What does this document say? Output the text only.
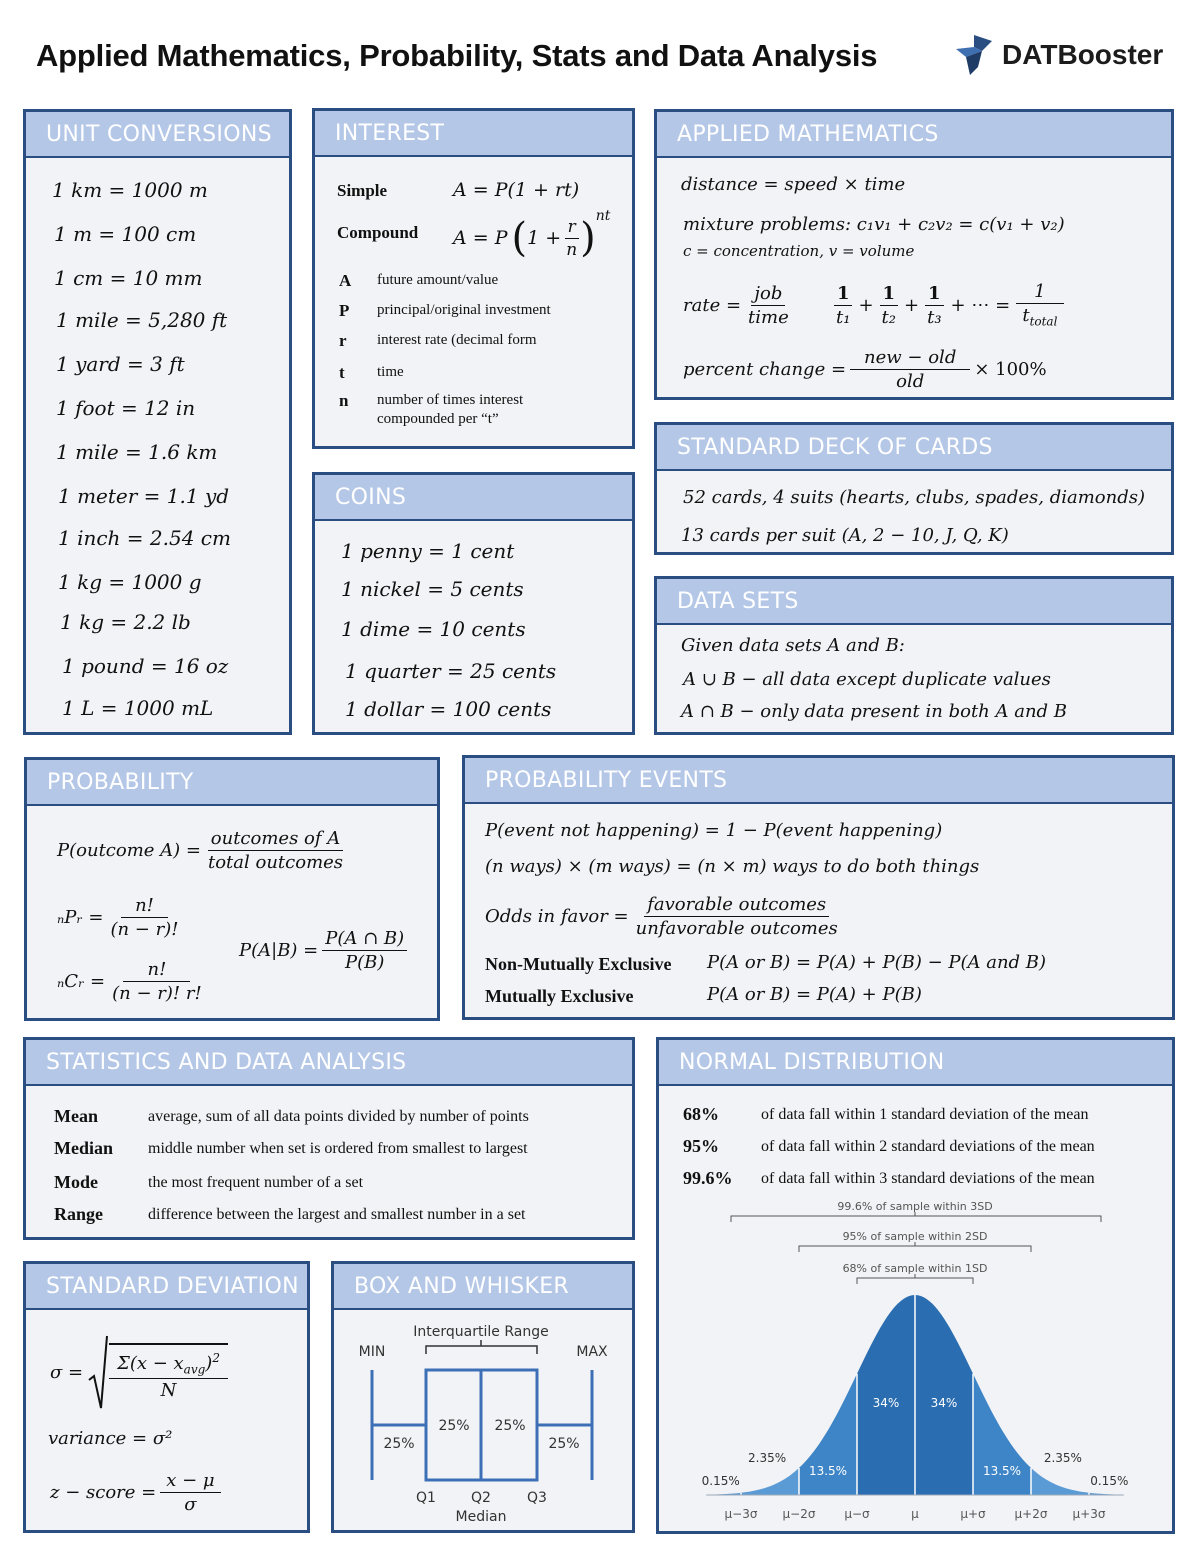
Applied Mathematics, Probability, Stats and Data Analysis	DATBooster
UNIT CONVERSIONS
1 km = 1000 m
1 m = 100 cm
1 cm = 10 mm
1 mile = 5,280 ft
1 yard = 3 ft
1 foot = 12 in
1 mile = 1.6 km
1 meter = 1.1 yd
1 inch = 2.54 cm
1 kg = 1000 g
1 kg = 2.2 lb
1 pound = 16 oz
1 L = 1000 mL
INTEREST
Simple	A = P(1 + rt)
Compound A = P ( $1 + \frac{r}{n}$ ) nt
A future amount/value
P principal/original investment
r interest rate (decimal form
t time
n number of times interest
compounded per “t”
COINS
1 penny = 1 cent
1 nickel = 5 cents
1 dime = 10 cents
1 quarter = 25 cents
1 dollar = 100 cents
APPLIED MATHEMATICS
distance = speed × time
mixture problems: c₁v₁ + c₂v₂ = c(v₁ + v₂)
c = concentration, v = volume
rate = $\frac{\text{job}}{\text{time}} \frac{1}{\text{t₁}} + \frac{1}{\text{t₂}} + \frac{1}{\text{t₃}}$ + ⋯ = $\frac{1}{t_{total}}$
percent change = $\frac{\text{new − old}}{\text{old}} \times 100\%$
STANDARD DECK OF CARDS
52 cards, 4 suits (hearts, clubs, spades, diamonds)
13 cards per suit (A, 2 − 10, J, Q, K)
DATA SETS
Given data sets A and B:
A ∪ B − all data except duplicate values
A ∩ B − only data present in both A and B
PROBABILITY
P(outcome $A) = \frac{\text{outcomes of A}}{\text{total outcomes}}$
ₙPᵣ = $\frac{n!}{(n - r)!}$
ₙCᵣ = $\frac{n!}{(n - r)! r!}$
$P(A|B) = \frac{P(A \cap B)}{P(B)}$
PROBABILITY EVENTS
P(event not happening) = 1 − P(event happening)
(n ways) × (m ways) = (n × m) ways to do both things
Odds in favor = $\frac{\text{favorable outcomes}}{\text{unfavorable outcomes}}$
Non-Mutually Exclusive P(A or B) = P(A) + P(B) − P(A and B)
Mutually Exclusive	P(A or B) = P(A) + P(B)
STATISTICS AND DATA ANALYSIS
Mean	average, sum of all data points divided by number of points
Median middle number when set is ordered from smallest to largest
Mode	the most frequent number of a set
Range	difference between the largest and smallest number in a set
NORMAL DISTRIBUTION
68%	of data fall within 1 standard deviation of the mean
95%	of data fall within 2 standard deviations of the mean
99.6% of data fall within 3 standard deviations of the mean
99.6% of sample within 3SD
95% of sample within 2SD
68% of sample within 1SD
0.15%
2.35%
13.5%
34%	34%
13.5%
2.35%
0.15%
μ−3σ μ−2σ μ−σ	μ	μ+σ μ+2σ μ+3σ
STANDARD DEVIATION
$\sigma = \frac{\Sigma(x - x_{avg})^2}{N}$
variance = σ²
z − score = $\frac{x - \mu}{\sigma}$
BOX AND WHISKER
Interquartile Range
MIN	MAX
25%
25% 25%
25%
Q1	Q2	Q3
Median
